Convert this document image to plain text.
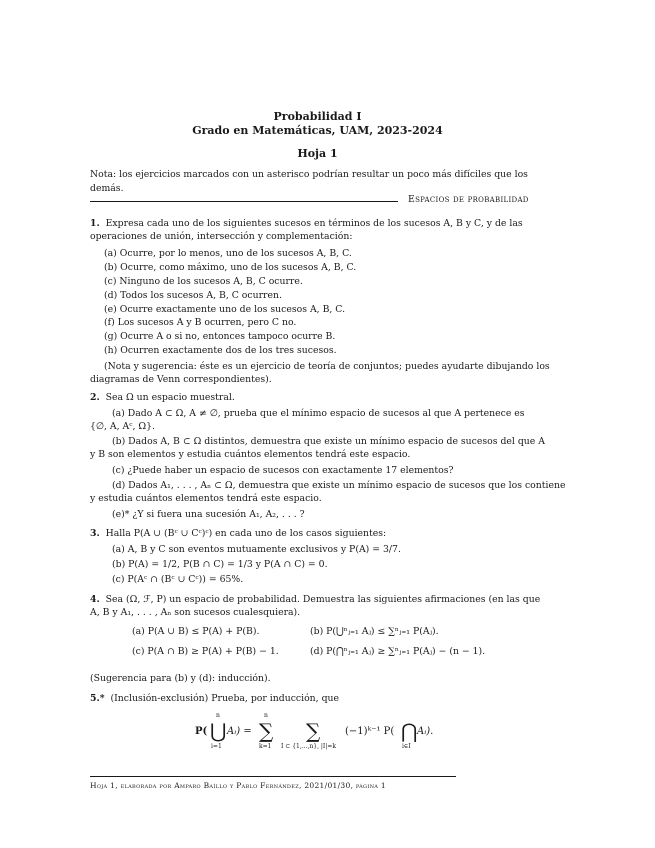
Probabilidad I
Grado en Matemáticas, UAM, 2023-2024
Hoja 1
Nota: los ejercicios marcados con un asterisco podrían resultar un poco más difíciles que los demás.
Espacios de probabilidad
1. Expresa cada uno de los siguientes sucesos en términos de los sucesos A, B y C, y de las
operaciones de unión, intersección y complementación:
(a) Ocurre, por lo menos, uno de los sucesos A, B, C.
(b) Ocurre, como máximo, uno de los sucesos A, B, C.
(c) Ninguno de los sucesos A, B, C ocurre.
(d) Todos los sucesos A, B, C ocurren.
(e) Ocurre exactamente uno de los sucesos A, B, C.
(f) Los sucesos A y B ocurren, pero C no.
(g) Ocurre A o si no, entonces tampoco ocurre B.
(h) Ocurren exactamente dos de los tres sucesos.
(Nota y sugerencia: éste es un ejercicio de teoría de conjuntos; puedes ayudarte dibujando los
diagramas de Venn correspondientes).
2. Sea Ω un espacio muestral.
(a) Dado A ⊂ Ω, A ≠ ∅, prueba que el mínimo espacio de sucesos al que A pertenece es
{∅, A, Aᶜ, Ω}.
(b) Dados A, B ⊂ Ω distintos, demuestra que existe un mínimo espacio de sucesos del que A
y B son elementos y estudia cuántos elementos tendrá este espacio.
(c) ¿Puede haber un espacio de sucesos con exactamente 17 elementos?
(d) Dados A₁, . . . , Aₙ ⊂ Ω, demuestra que existe un mínimo espacio de sucesos que los contiene
y estudia cuántos elementos tendrá este espacio.
(e)* ¿Y si fuera una sucesión A₁, A₂, . . . ?
3. Halla P(A ∪ (Bᶜ ∪ Cᶜ)ᶜ) en cada uno de los casos siguientes:
(a) A, B y C son eventos mutuamente exclusivos y P(A) = 3/7.
(b) P(A) = 1/2, P(B ∩ C) = 1/3 y P(A ∩ C) = 0.
(c) P(Aᶜ ∩ (Bᶜ ∪ Cᶜ)) = 65%.
4. Sea (Ω, ℱ, P) un espacio de probabilidad. Demuestra las siguientes afirmaciones (en las que
A, B y A₁, . . . , Aₙ son sucesos cualesquiera).
(a) P(A ∪ B) ≤ P(A) + P(B).	(b) P(⋃ⁿⱼ₌₁ Aⱼ) ≤ ∑ⁿⱼ₌₁ P(Aⱼ).
(c) P(A ∩ B) ≥ P(A) + P(B) − 1.	(d) P(⋂ⁿⱼ₌₁ Aⱼ) ≥ ∑ⁿⱼ₌₁ P(Aⱼ) − (n − 1).
(Sugerencia para (b) y (d): inducción).
5.* (Inclusión-exclusión) Prueba, por inducción, que
P(
n
⋃
i=1
Aᵢ) =
n
∑
k=1
∑
I ⊂ {1,...,n}, |I|=k
(−1)ᵏ⁻¹ P( ⋂
i∈I
Aᵢ).
Hoja 1, elaborada por Amparo Baíllo y Pablo Fernández, 2021/01/30, página 1
